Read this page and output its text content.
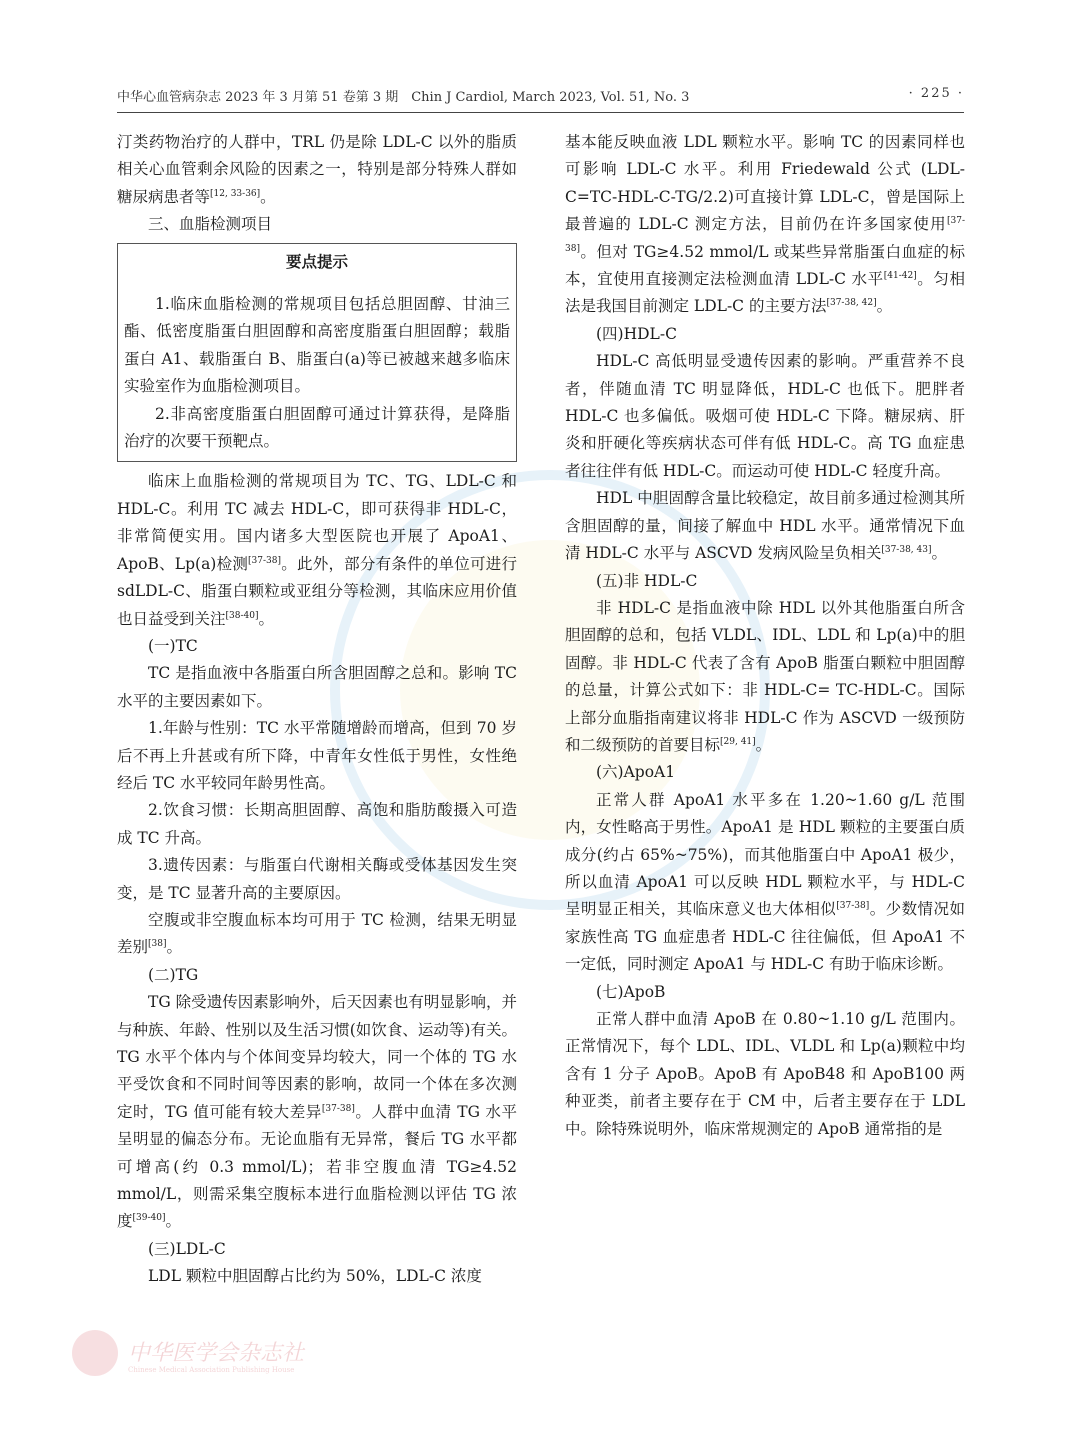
中华心血管病杂志 2023 年 3 月第 51 卷第 3 期　Chin J Cardiol, March 2023, Vol. 51, No. 3	· 225 ·

汀类药物治疗的人群中，TRL 仍是除 LDL-C 以外的脂质相关心血管剩余风险的因素之一，特别是部分特殊人群如糖尿病患者等[12, 33-36]。

三、血脂检测项目
要点提示

1.临床血脂检测的常规项目包括总胆固醇、甘油三酯、低密度脂蛋白胆固醇和高密度脂蛋白胆固醇；载脂蛋白 A1、载脂蛋白 B、脂蛋白(a)等已被越来越多临床实验室作为血脂检测项目。

2.非高密度脂蛋白胆固醇可通过计算获得，是降脂治疗的次要干预靶点。

临床上血脂检测的常规项目为 TC、TG、LDL-C 和 HDL-C。利用 TC 减去 HDL-C，即可获得非 HDL-C，非常简便实用。国内诸多大型医院也开展了 ApoA1、ApoB、Lp(a)检测[37-38]。此外，部分有条件的单位可进行 sdLDL-C、脂蛋白颗粒或亚组分等检测，其临床应用价值也日益受到关注[38-40]。

(一)TC

TC 是指血液中各脂蛋白所含胆固醇之总和。影响 TC 水平的主要因素如下。

1.年龄与性别：TC 水平常随增龄而增高，但到 70 岁后不再上升甚或有所下降，中青年女性低于男性，女性绝经后 TC 水平较同年龄男性高。

2.饮食习惯：长期高胆固醇、高饱和脂肪酸摄入可造成 TC 升高。

3.遗传因素：与脂蛋白代谢相关酶或受体基因发生突变，是 TC 显著升高的主要原因。

空腹或非空腹血标本均可用于 TC 检测，结果无明显差别[38]。

(二)TG

TG 除受遗传因素影响外，后天因素也有明显影响，并与种族、年龄、性别以及生活习惯(如饮食、运动等)有关。TG 水平个体内与个体间变异均较大，同一个体的 TG 水平受饮食和不同时间等因素的影响，故同一个体在多次测定时，TG 值可能有较大差异[37-38]。人群中血清 TG 水平呈明显的偏态分布。无论血脂有无异常，餐后 TG 水平都可增高(约 0.3 mmol/L)；若非空腹血清 TG≥4.52 mmol/L，则需采集空腹标本进行血脂检测以评估 TG 浓度[39-40]。

(三)LDL-C

LDL 颗粒中胆固醇占比约为 50%，LDL-C 浓度

基本能反映血液 LDL 颗粒水平。影响 TC 的因素同样也可影响 LDL-C 水平。利用 Friedewald 公式 (LDL-C=TC-HDL-C-TG/2.2)可直接计算 LDL-C，曾是国际上最普遍的 LDL-C 测定方法，目前仍在许多国家使用[37-38]。但对 TG≥4.52 mmol/L 或某些异常脂蛋白血症的标本，宜使用直接测定法检测血清 LDL-C 水平[41-42]。匀相法是我国目前测定 LDL-C 的主要方法[37-38, 42]。

(四)HDL-C

HDL-C 高低明显受遗传因素的影响。严重营养不良者，伴随血清 TC 明显降低，HDL-C 也低下。肥胖者 HDL-C 也多偏低。吸烟可使 HDL-C 下降。糖尿病、肝炎和肝硬化等疾病状态可伴有低 HDL-C。高 TG 血症患者往往伴有低 HDL-C。而运动可使 HDL-C 轻度升高。

HDL 中胆固醇含量比较稳定，故目前多通过检测其所含胆固醇的量，间接了解血中 HDL 水平。通常情况下血清 HDL-C 水平与 ASCVD 发病风险呈负相关[37-38, 43]。

(五)非 HDL-C

非 HDL-C 是指血液中除 HDL 以外其他脂蛋白所含胆固醇的总和，包括 VLDL、IDL、LDL 和 Lp(a)中的胆固醇。非 HDL-C 代表了含有 ApoB 脂蛋白颗粒中胆固醇的总量，计算公式如下：非 HDL-C= TC-HDL-C。国际上部分血脂指南建议将非 HDL-C 作为 ASCVD 一级预防和二级预防的首要目标[29, 41]。

(六)ApoA1

正常人群 ApoA1 水平多在 1.20~1.60 g/L 范围内，女性略高于男性。ApoA1 是 HDL 颗粒的主要蛋白质成分(约占 65%~75%)，而其他脂蛋白中 ApoA1 极少，所以血清 ApoA1 可以反映 HDL 颗粒水平，与 HDL-C 呈明显正相关，其临床意义也大体相似[37-38]。少数情况如家族性高 TG 血症患者 HDL-C 往往偏低，但 ApoA1 不一定低，同时测定 ApoA1 与 HDL-C 有助于临床诊断。

(七)ApoB

正常人群中血清 ApoB 在 0.80~1.10 g/L 范围内。正常情况下，每个 LDL、IDL、VLDL 和 Lp(a)颗粒中均含有 1 分子 ApoB。ApoB 有 ApoB48 和 ApoB100 两种亚类，前者主要存在于 CM 中，后者主要存在于 LDL 中。除特殊说明外，临床常规测定的 ApoB 通常指的是

中华医学会杂志社
Chinese Medical Association Publishing House
